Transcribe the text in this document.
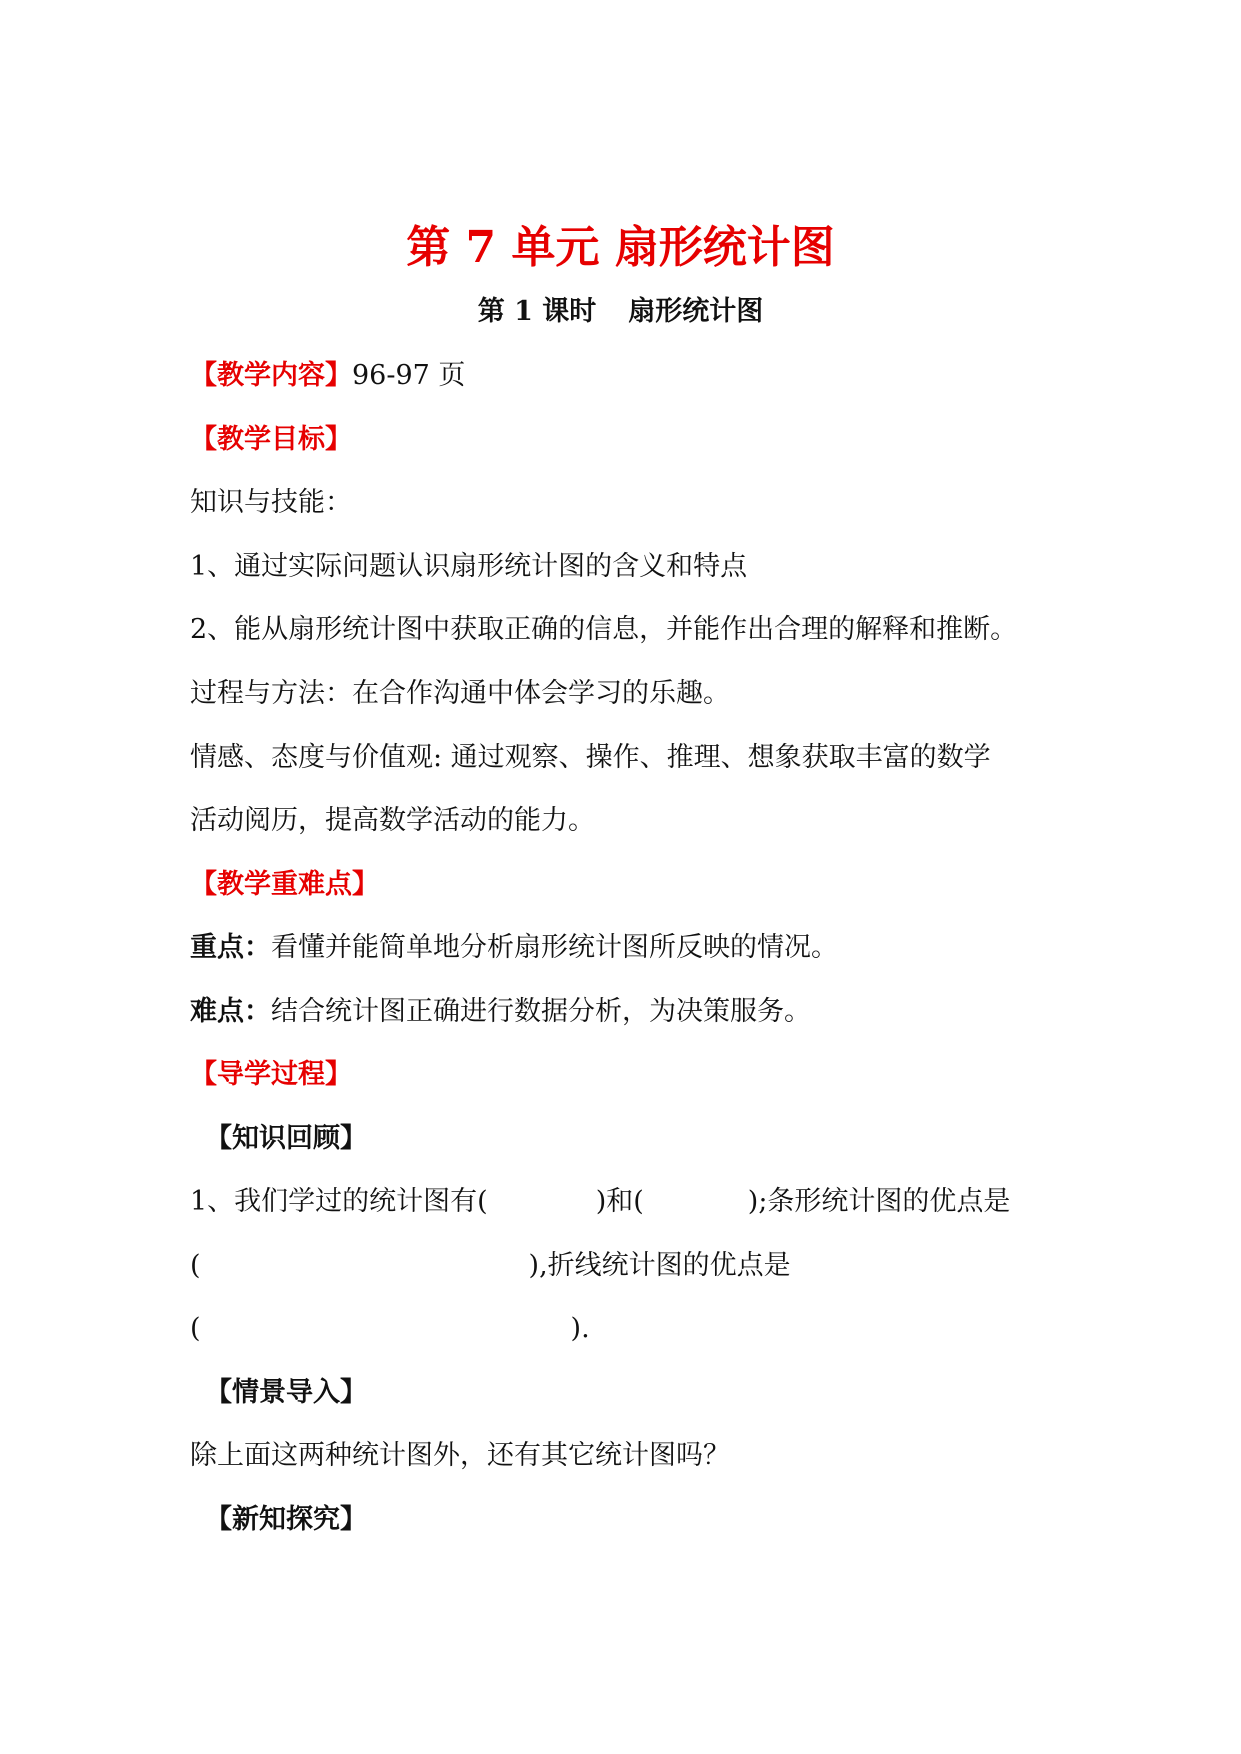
第 7 单元 扇形统计图
第 1 课时 扇形统计图
【教学内容】96-97 页
【教学目标】
知识与技能：
1、通过实际问题认识扇形统计图的含义和特点
2、能从扇形统计图中获取正确的信息，并能作出合理的解释和推断。
过程与方法：在合作沟通中体会学习的乐趣。
情感、态度与价值观: 通过观察、操作、推理、想象获取丰富的数学
活动阅历，提高数学活动的能力。
【教学重难点】
重点：看懂并能简单地分析扇形统计图所反映的情况。
难点：结合统计图正确进行数据分析，为决策服务。
【导学过程】
【知识回顾】
1、我们学过的统计图有(	)和(	);条形统计图的优点是
(	),折线统计图的优点是
(	).
【情景导入】
除上面这两种统计图外，还有其它统计图吗？
【新知探究】
